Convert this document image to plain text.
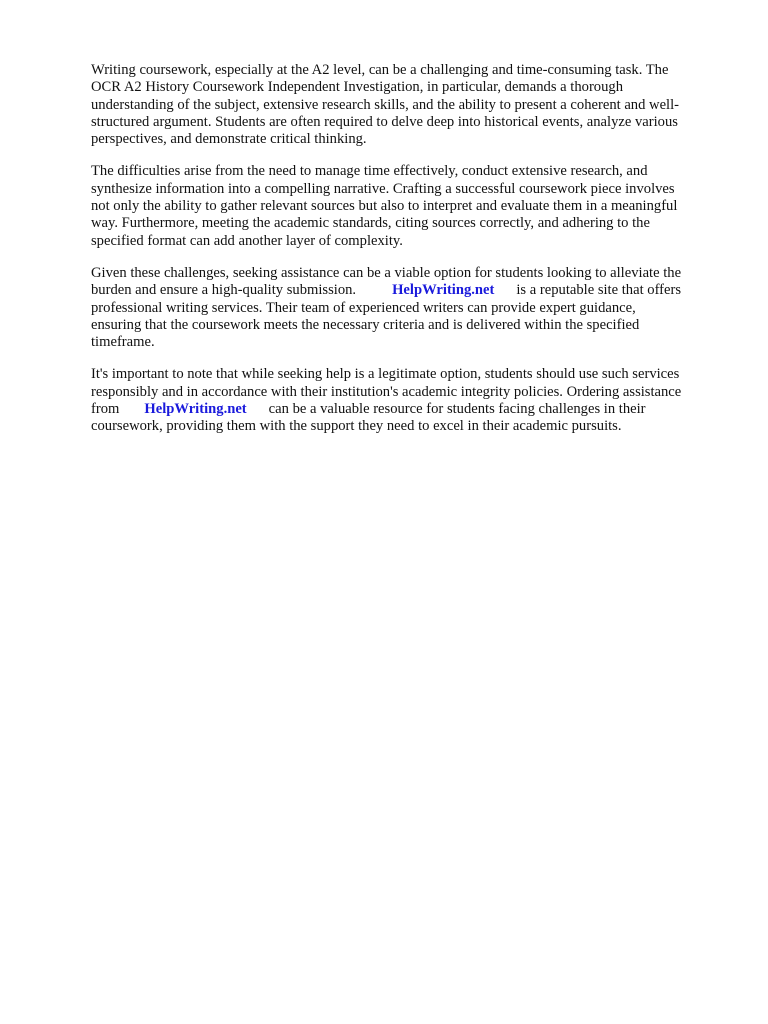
Writing coursework, especially at the A2 level, can be a challenging and time-consuming task. The
OCR A2 History Coursework Independent Investigation, in particular, demands a thorough
understanding of the subject, extensive research skills, and the ability to present a coherent and well-
structured argument. Students are often required to delve deep into historical events, analyze various
perspectives, and demonstrate critical thinking.

The difficulties arise from the need to manage time effectively, conduct extensive research, and
synthesize information into a compelling narrative. Crafting a successful coursework piece involves
not only the ability to gather relevant sources but also to interpret and evaluate them in a meaningful
way. Furthermore, meeting the academic standards, citing sources correctly, and adhering to the
specified format can add another layer of complexity.

Given these challenges, seeking assistance can be a viable option for students looking to alleviate the
burden and ensure a high-quality submission. HelpWriting.net is a reputable site that offers
professional writing services. Their team of experienced writers can provide expert guidance,
ensuring that the coursework meets the necessary criteria and is delivered within the specified
timeframe.

It's important to note that while seeking help is a legitimate option, students should use such services
responsibly and in accordance with their institution's academic integrity policies. Ordering assistance
from HelpWriting.net can be a valuable resource for students facing challenges in their
coursework, providing them with the support they need to excel in their academic pursuits.
